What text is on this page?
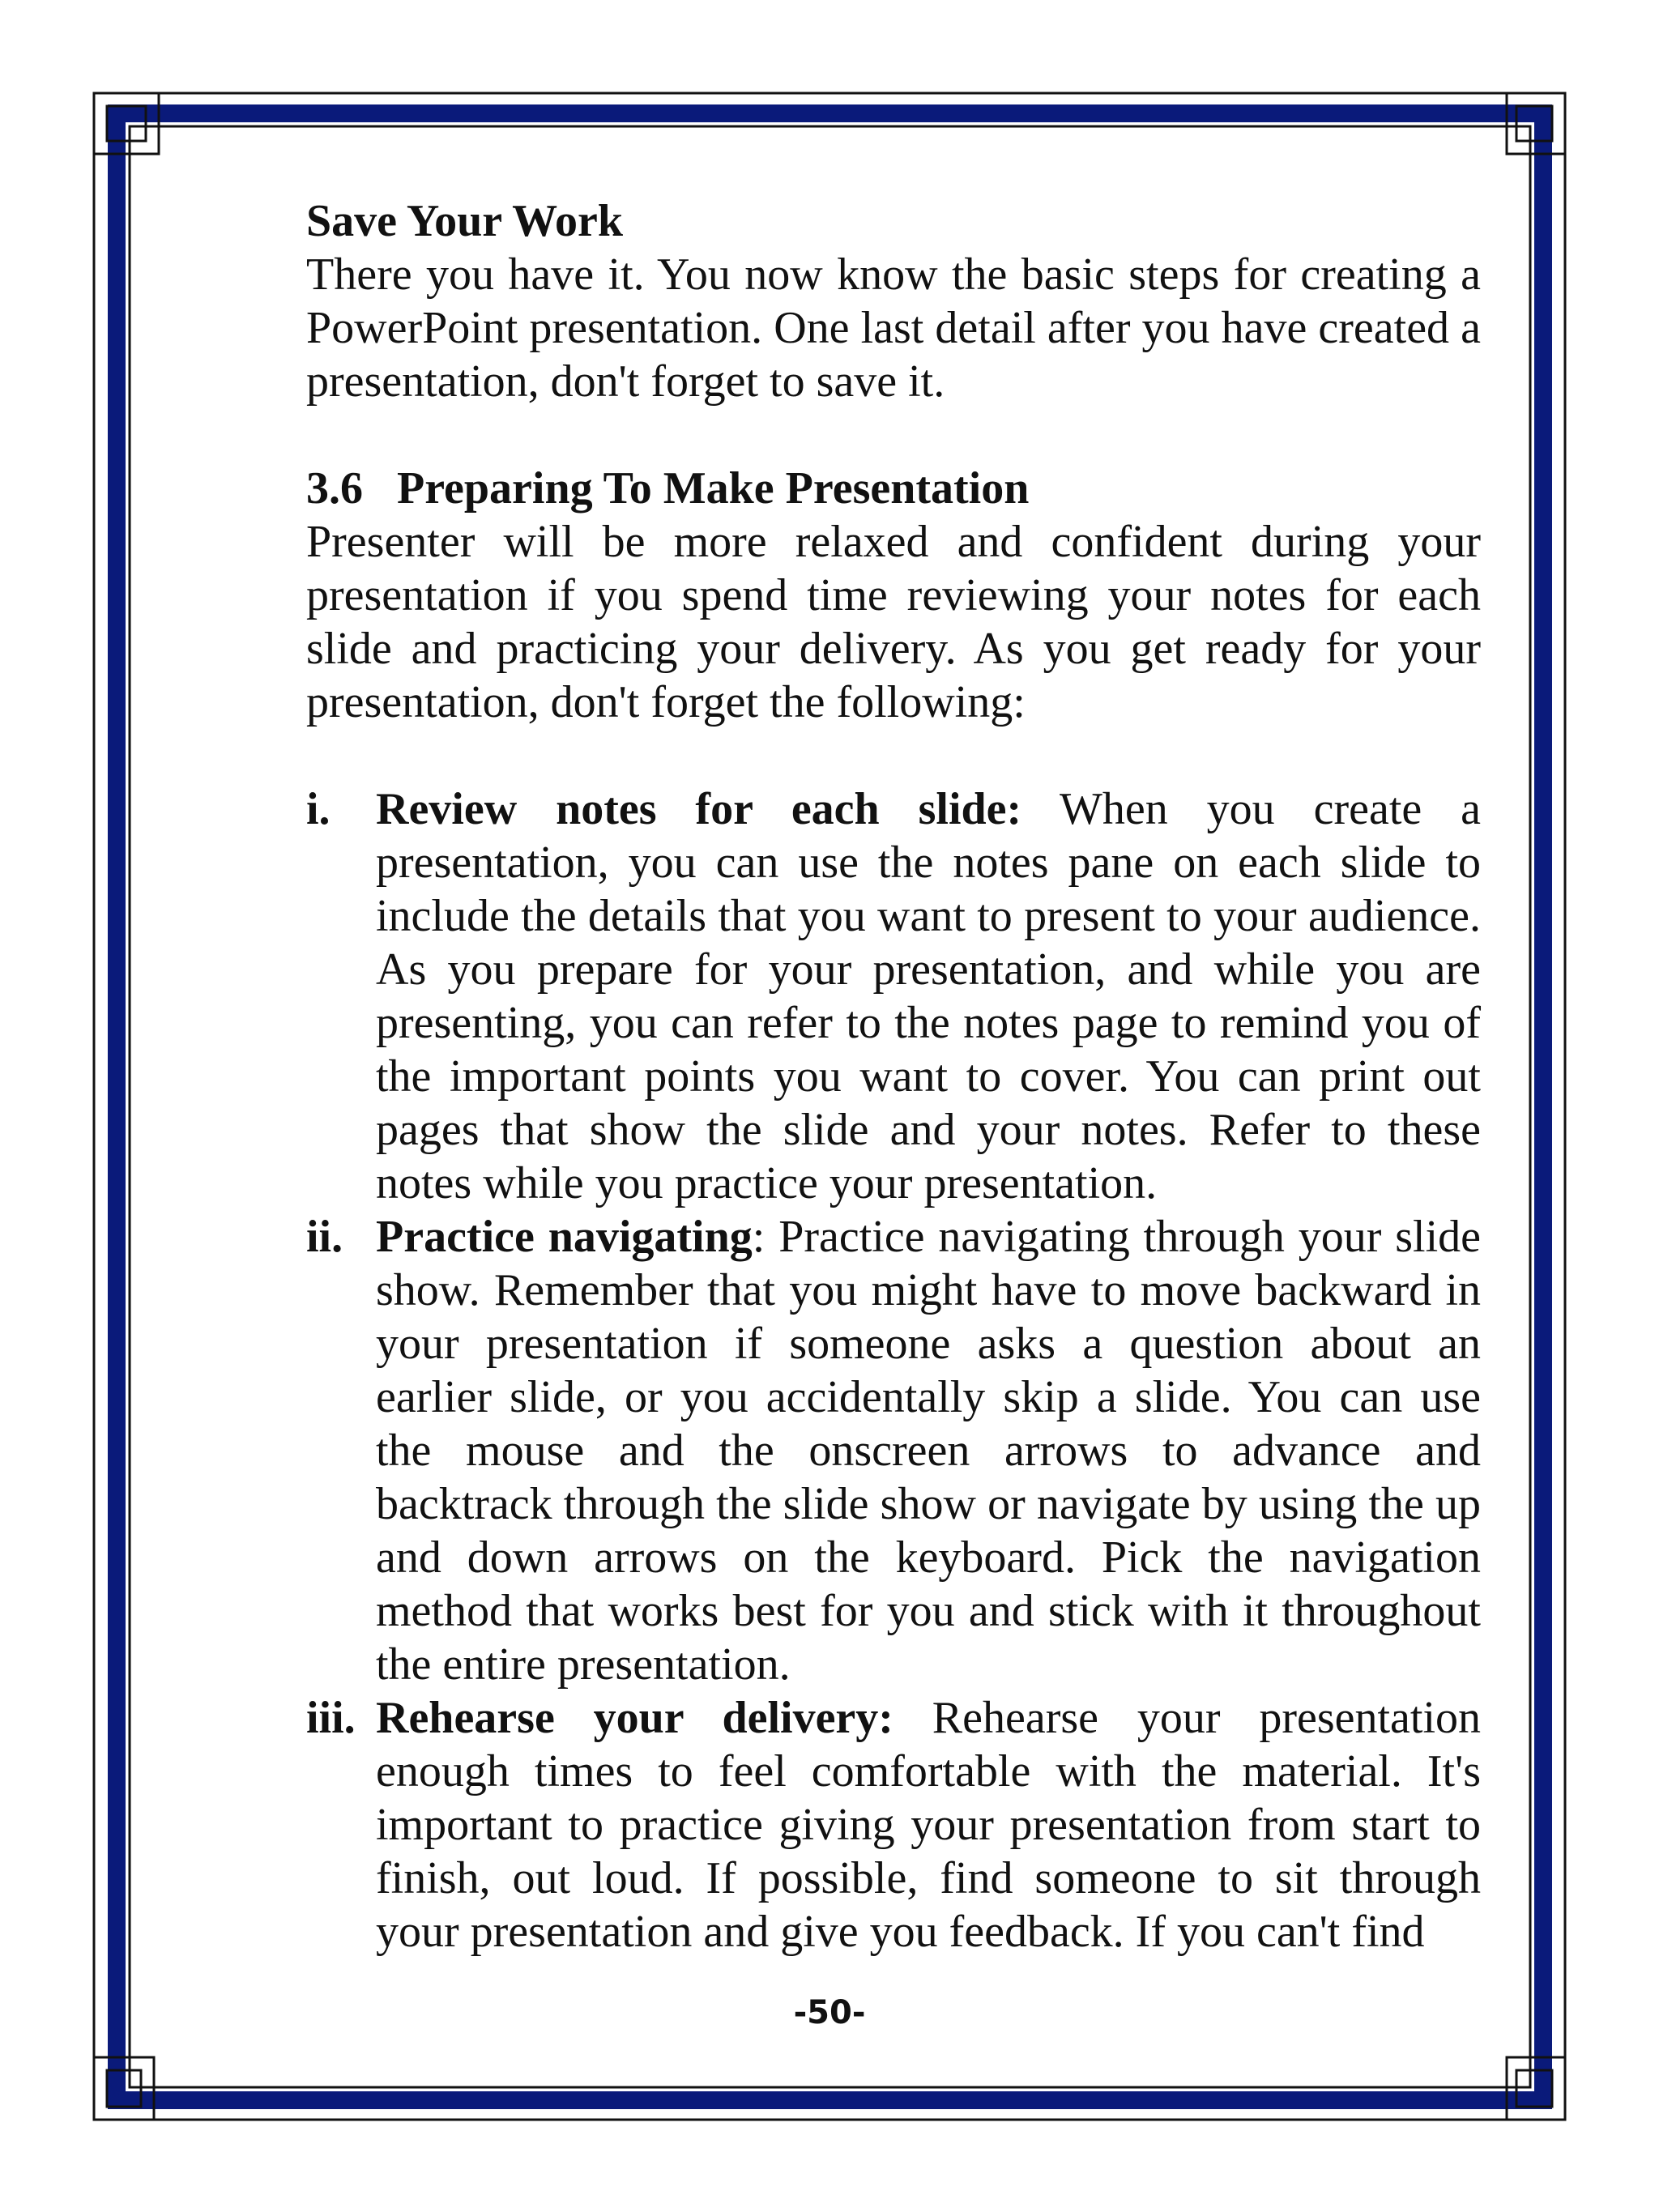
Save Your Work

There you have it. You now know the basic steps for creating a PowerPoint presentation. One last detail after you have created a presentation, don't forget to save it.

3.6   Preparing To Make Presentation

Presenter will be more relaxed and confident during your presentation if you spend time reviewing your notes for each slide and practicing your delivery. As you get ready for your presentation, don't forget the following:

i. Review notes for each slide: When you create a presentation, you can use the notes pane on each slide to include the details that you want to present to your audience. As you prepare for your presentation, and while you are presenting, you can refer to the notes page to remind you of the important points you want to cover. You can print out pages that show the slide and your notes. Refer to these notes while you practice your presentation.
ii. Practice navigating: Practice navigating through your slide show. Remember that you might have to move backward in your presentation if someone asks a question about an earlier slide, or you accidentally skip a slide. You can use the mouse and the onscreen arrows to advance and backtrack through the slide show or navigate by using the up and down arrows on the keyboard. Pick the navigation method that works best for you and stick with it throughout the entire presentation.
iii. Rehearse your delivery: Rehearse your presentation enough times to feel comfortable with the material. It's important to practice giving your presentation from start to finish, out loud. If possible, find someone to sit through your presentation and give you feedback. If you can't find
-50-
